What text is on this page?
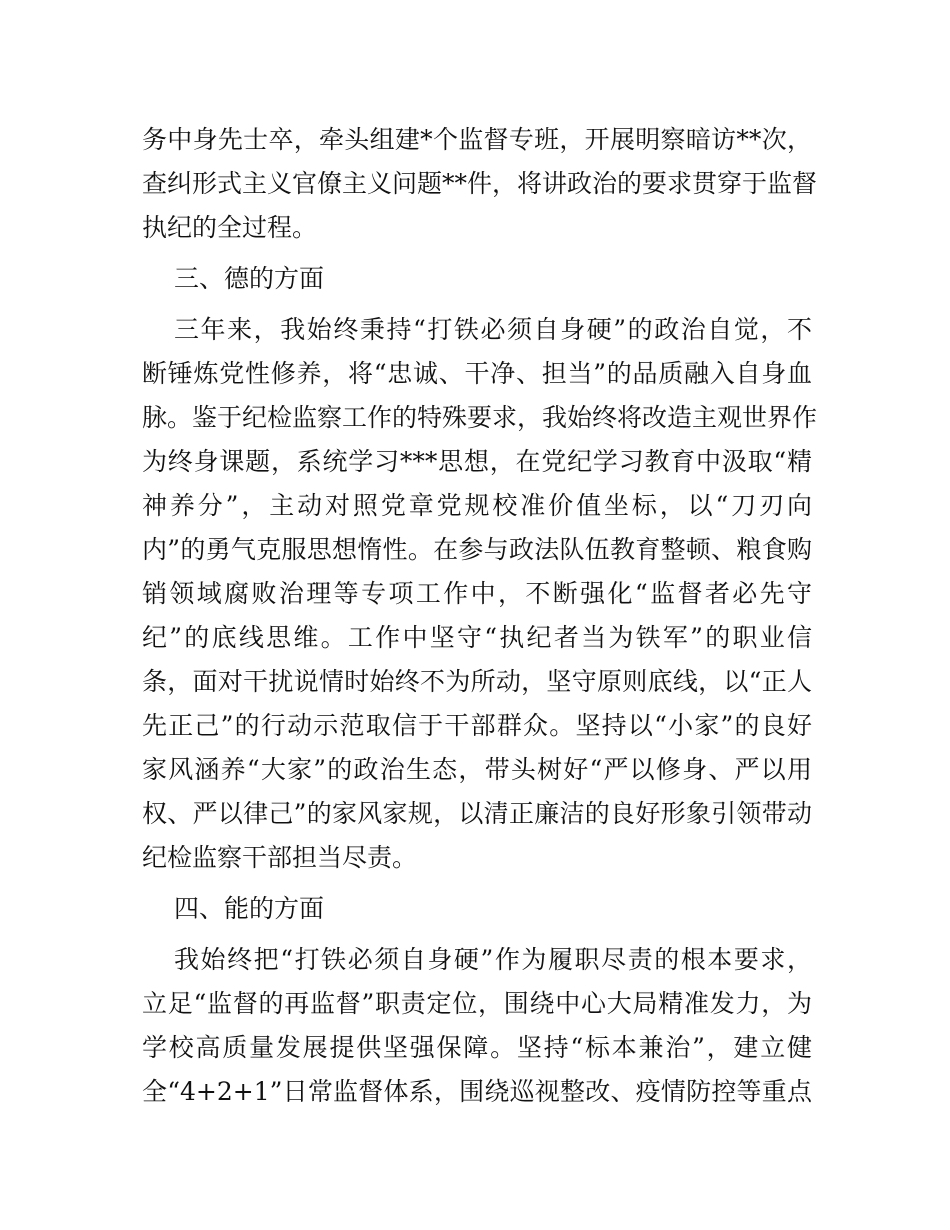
务中身先士卒，牵头组建*个监督专班，开展明察暗访**次，
查纠形式主义官僚主义问题**件，将讲政治的要求贯穿于监督
执纪的全过程。
三、德的方面
三年来，我始终秉持“打铁必须自身硬”的政治自觉，不
断锤炼党性修养，将“忠诚、干净、担当”的品质融入自身血
脉。鉴于纪检监察工作的特殊要求，我始终将改造主观世界作
为终身课题，系统学习***思想，在党纪学习教育中汲取“精
神养分”，主动对照党章党规校准价值坐标，以“刀刃向
内”的勇气克服思想惰性。在参与政法队伍教育整顿、粮食购
销领域腐败治理等专项工作中，不断强化“监督者必先守
纪”的底线思维。工作中坚守“执纪者当为铁军”的职业信
条，面对干扰说情时始终不为所动，坚守原则底线，以“正人
先正己”的行动示范取信于干部群众。坚持以“小家”的良好
家风涵养“大家”的政治生态，带头树好“严以修身、严以用
权、严以律己”的家风家规，以清正廉洁的良好形象引领带动
纪检监察干部担当尽责。
四、能的方面
我始终把“打铁必须自身硬”作为履职尽责的根本要求，
立足“监督的再监督”职责定位，围绕中心大局精准发力，为
学校高质量发展提供坚强保障。坚持“标本兼治”，建立健
全“4+2+1”日常监督体系，围绕巡视整改、疫情防控等重点
